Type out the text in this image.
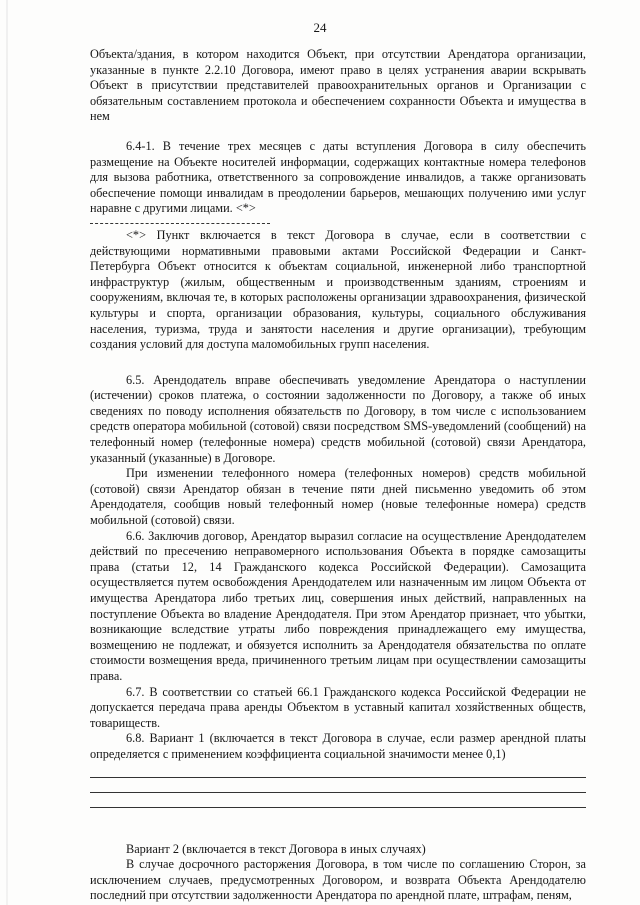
24

Объекта/здания, в котором находится Объект, при отсутствии Арендатора организации, указанные в пункте 2.2.10 Договора, имеют право в целях устранения аварии вскрывать Объект в присутствии представителей правоохранительных органов и Организации с обязательным составлением протокола и обеспечением сохранности Объекта и имущества в нем

6.4-1. В течение трех месяцев с даты вступления Договора в силу обеспечить размещение на Объекте носителей информации, содержащих контактные номера телефонов для вызова работника, ответственного за сопровождение инвалидов, а также организовать обеспечение помощи инвалидам в преодолении барьеров, мешающих получению ими услуг наравне с другими лицами. <*>

<*> Пункт включается в текст Договора в случае, если в соответствии с действующими нормативными правовыми актами Российской Федерации и Санкт-Петербурга Объект относится к объектам социальной, инженерной либо транспортной инфраструктур (жилым, общественным и производственным зданиям, строениям и сооружениям, включая те, в которых расположены организации здравоохранения, физической культуры и спорта, организации образования, культуры, социального обслуживания населения, туризма, труда и занятости населения и другие организации), требующим создания условий для доступа маломобильных групп населения.

6.5. Арендодатель вправе обеспечивать уведомление Арендатора о наступлении (истечении) сроков платежа, о состоянии задолженности по Договору, а также об иных сведениях по поводу исполнения обязательств по Договору, в том числе с использованием средств оператора мобильной (сотовой) связи посредством SMS-уведомлений (сообщений) на телефонный номер (телефонные номера) средств мобильной (сотовой) связи Арендатора, указанный (указанные) в Договоре.

При изменении телефонного номера (телефонных номеров) средств мобильной (сотовой) связи Арендатор обязан в течение пяти дней письменно уведомить об этом Арендодателя, сообщив новый телефонный номер (новые телефонные номера) средств мобильной (сотовой) связи.

6.6. Заключив договор, Арендатор выразил согласие на осуществление Арендодателем действий по пресечению неправомерного использования Объекта в порядке самозащиты права (статьи 12, 14 Гражданского кодекса Российской Федерации). Самозащита осуществляется путем освобождения Арендодателем или назначенным им лицом Объекта от имущества Арендатора либо третьих лиц, совершения иных действий, направленных на поступление Объекта во владение Арендодателя. При этом Арендатор признает, что убытки, возникающие вследствие утраты либо повреждения принадлежащего ему имущества, возмещению не подлежат, и обязуется исполнить за Арендодателя обязательства по оплате стоимости возмещения вреда, причиненного третьим лицам при осуществлении самозащиты права.

6.7. В соответствии со статьей 66.1 Гражданского кодекса Российской Федерации не допускается передача права аренды Объектом в уставный капитал хозяйственных обществ, товариществ.

6.8. Вариант 1 (включается в текст Договора в случае, если размер арендной платы определяется с применением коэффициента социальной значимости менее 0,1)

Вариант 2 (включается в текст Договора в иных случаях)

В случае досрочного расторжения Договора, в том числе по соглашению Сторон, за исключением случаев, предусмотренных Договором, и возврата Объекта Арендодателю последний при отсутствии задолженности Арендатора по арендной плате, штрафам, пеням,
